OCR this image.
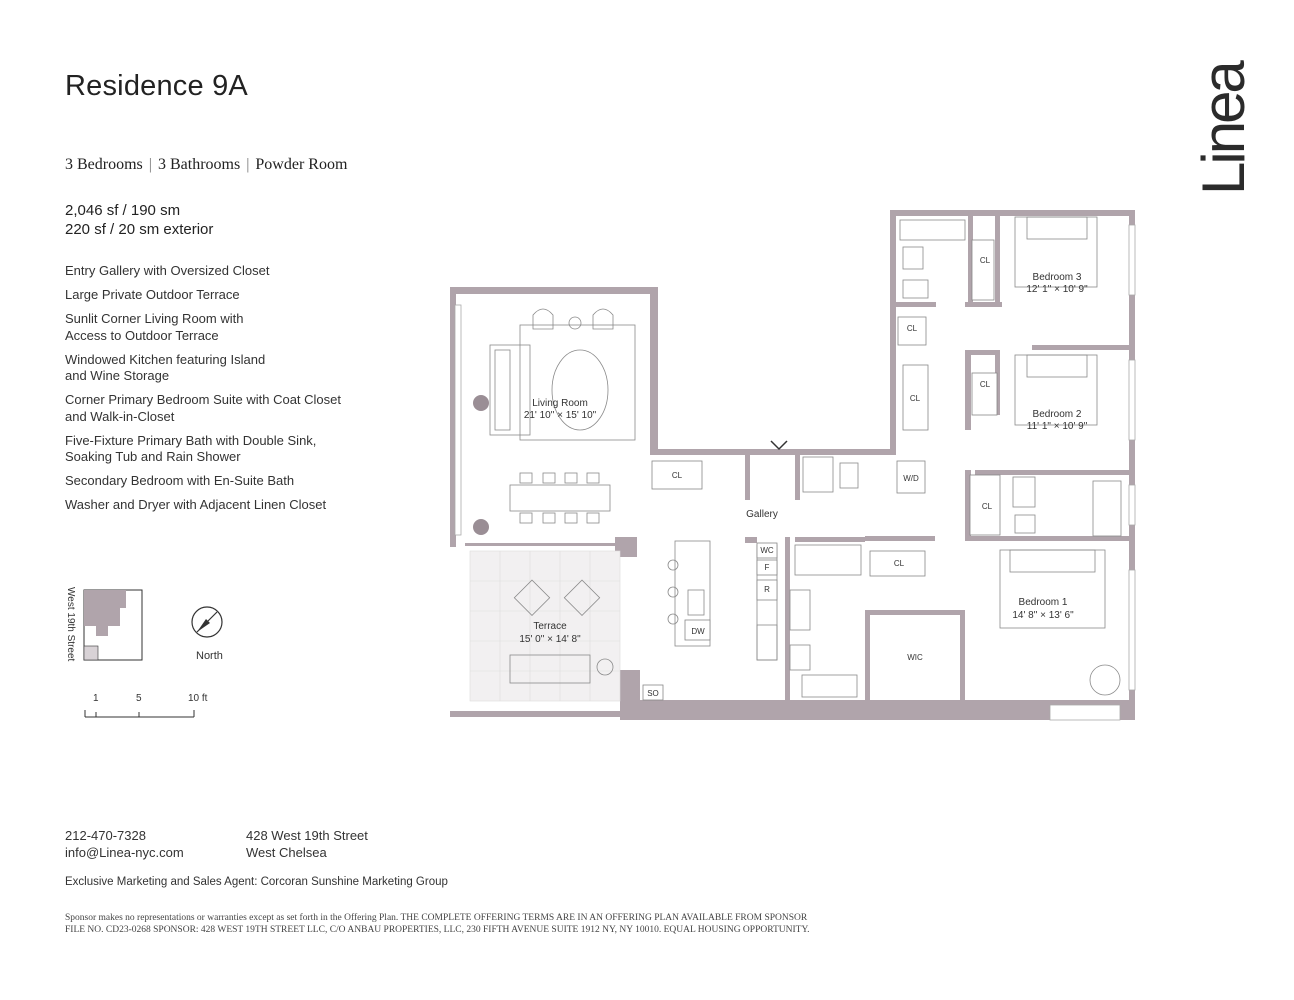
Residence 9A
3 Bedrooms | 3 Bathrooms | Powder Room
2,046 sf / 190 sm
220 sf / 20 sm exterior
Entry Gallery with Oversized Closet
Large Private Outdoor Terrace
Sunlit Corner Living Room with Access to Outdoor Terrace
Windowed Kitchen featuring Island and Wine Storage
Corner Primary Bedroom Suite with Coat Closet and Walk-in-Closet
Five-Fixture Primary Bath with Double Sink, Soaking Tub and Rain Shower
Secondary Bedroom with En-Suite Bath
Washer and Dryer with Adjacent Linen Closet
Linea
West 19th Street	North
1	5	10 ft
Living Room
21' 10" × 15' 10"
Terrace
15' 0" × 14' 8"
Gallery
Bedroom 1
14' 8" × 13' 6"
Bedroom 2
11' 1" × 10' 9"
Bedroom 3
12' 1" × 10' 9"
CL
CL
CL
CL
CL
CL
CL
WIC
W/D
DW
WC
F
R
SO
212-470-7328
info@Linea-nyc.com
428 West 19th Street
West Chelsea
Exclusive Marketing and Sales Agent: Corcoran Sunshine Marketing Group
Sponsor makes no representations or warranties except as set forth in the Offering Plan. THE COMPLETE OFFERING TERMS ARE IN AN OFFERING PLAN AVAILABLE FROM SPONSOR
FILE NO. CD23-0268 SPONSOR: 428 WEST 19TH STREET LLC, C/O ANBAU PROPERTIES, LLC, 230 FIFTH AVENUE SUITE 1912 NY, NY 10010. EQUAL HOUSING OPPORTUNITY.
